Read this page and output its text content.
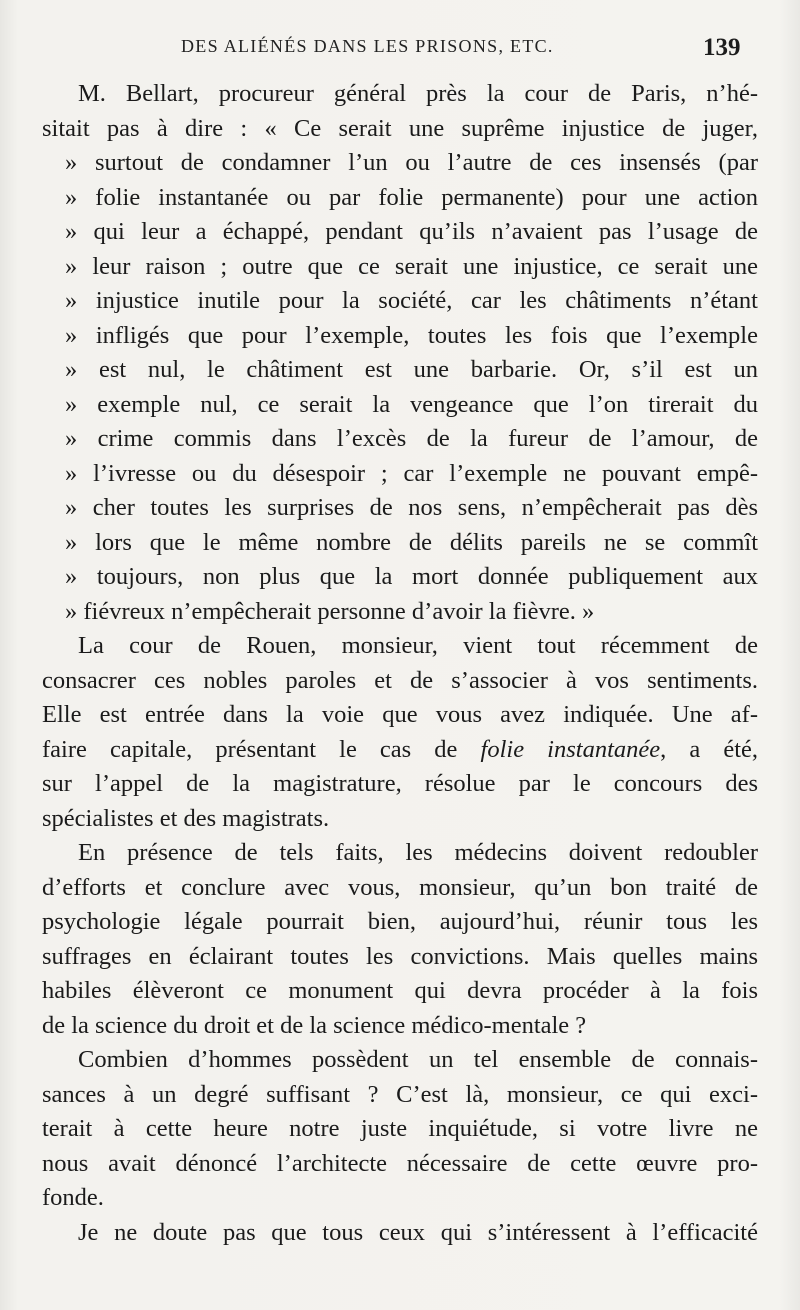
DES ALIÉNÉS DANS LES PRISONS, ETC.	139
M. Bellart, procureur général près la cour de Paris, n’hé-
sitait pas à dire : « Ce serait une suprême injustice de juger,
» surtout de condamner l’un ou l’autre de ces insensés (par
» folie instantanée ou par folie permanente) pour une action
» qui leur a échappé, pendant qu’ils n’avaient pas l’usage de
» leur raison ; outre que ce serait une injustice, ce serait une
» injustice inutile pour la société, car les châtiments n’étant
» infligés que pour l’exemple, toutes les fois que l’exemple
» est nul, le châtiment est une barbarie. Or, s’il est un
» exemple nul, ce serait la vengeance que l’on tirerait du
» crime commis dans l’excès de la fureur de l’amour, de
» l’ivresse ou du désespoir ; car l’exemple ne pouvant empê-
» cher toutes les surprises de nos sens, n’empêcherait pas dès
» lors que le même nombre de délits pareils ne se commît
» toujours, non plus que la mort donnée publiquement aux
» fiévreux n’empêcherait personne d’avoir la fièvre. »
La cour de Rouen, monsieur, vient tout récemment de
consacrer ces nobles paroles et de s’associer à vos sentiments.
Elle est entrée dans la voie que vous avez indiquée. Une af-
faire capitale, présentant le cas de folie instantanée, a été,
sur l’appel de la magistrature, résolue par le concours des
spécialistes et des magistrats.
En présence de tels faits, les médecins doivent redoubler
d’efforts et conclure avec vous, monsieur, qu’un bon traité de
psychologie légale pourrait bien, aujourd’hui, réunir tous les
suffrages en éclairant toutes les convictions. Mais quelles mains
habiles élèveront ce monument qui devra procéder à la fois
de la science du droit et de la science médico-mentale ?
Combien d’hommes possèdent un tel ensemble de connais-
sances à un degré suffisant ? C’est là, monsieur, ce qui exci-
terait à cette heure notre juste inquiétude, si votre livre ne
nous avait dénoncé l’architecte nécessaire de cette œuvre pro-
fonde.
Je ne doute pas que tous ceux qui s’intéressent à l’efficacité
